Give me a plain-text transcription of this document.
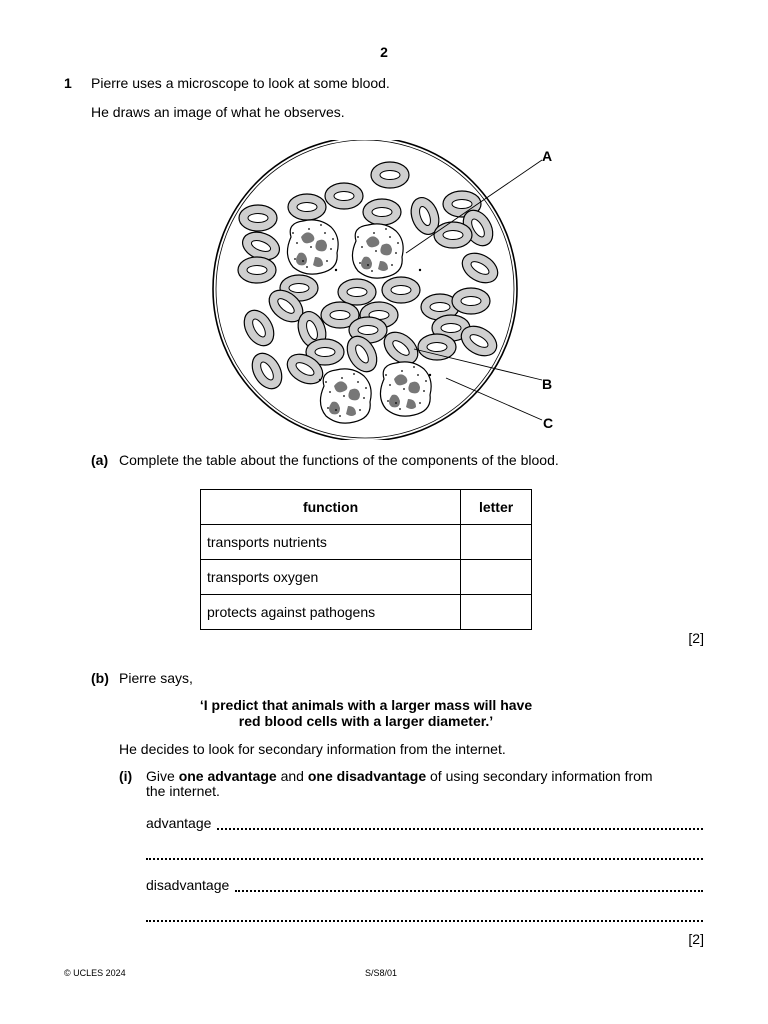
2
1 Pierre uses a microscope to look at some blood.
He draws an image of what he observes.
A
B
C
(a) Complete the table about the functions of the components of the blood.
function	letter
transports nutrients	
transports oxygen	
protects against pathogens	
[2]
(b) Pierre says,
‘I predict that animals with a larger mass will have
red blood cells with a larger diameter.’
He decides to look for secondary information from the internet.
(i) Give one advantage and one disadvantage of using secondary information from
the internet.
advantage
disadvantage
[2]
© UCLES 2024	S/S8/01
